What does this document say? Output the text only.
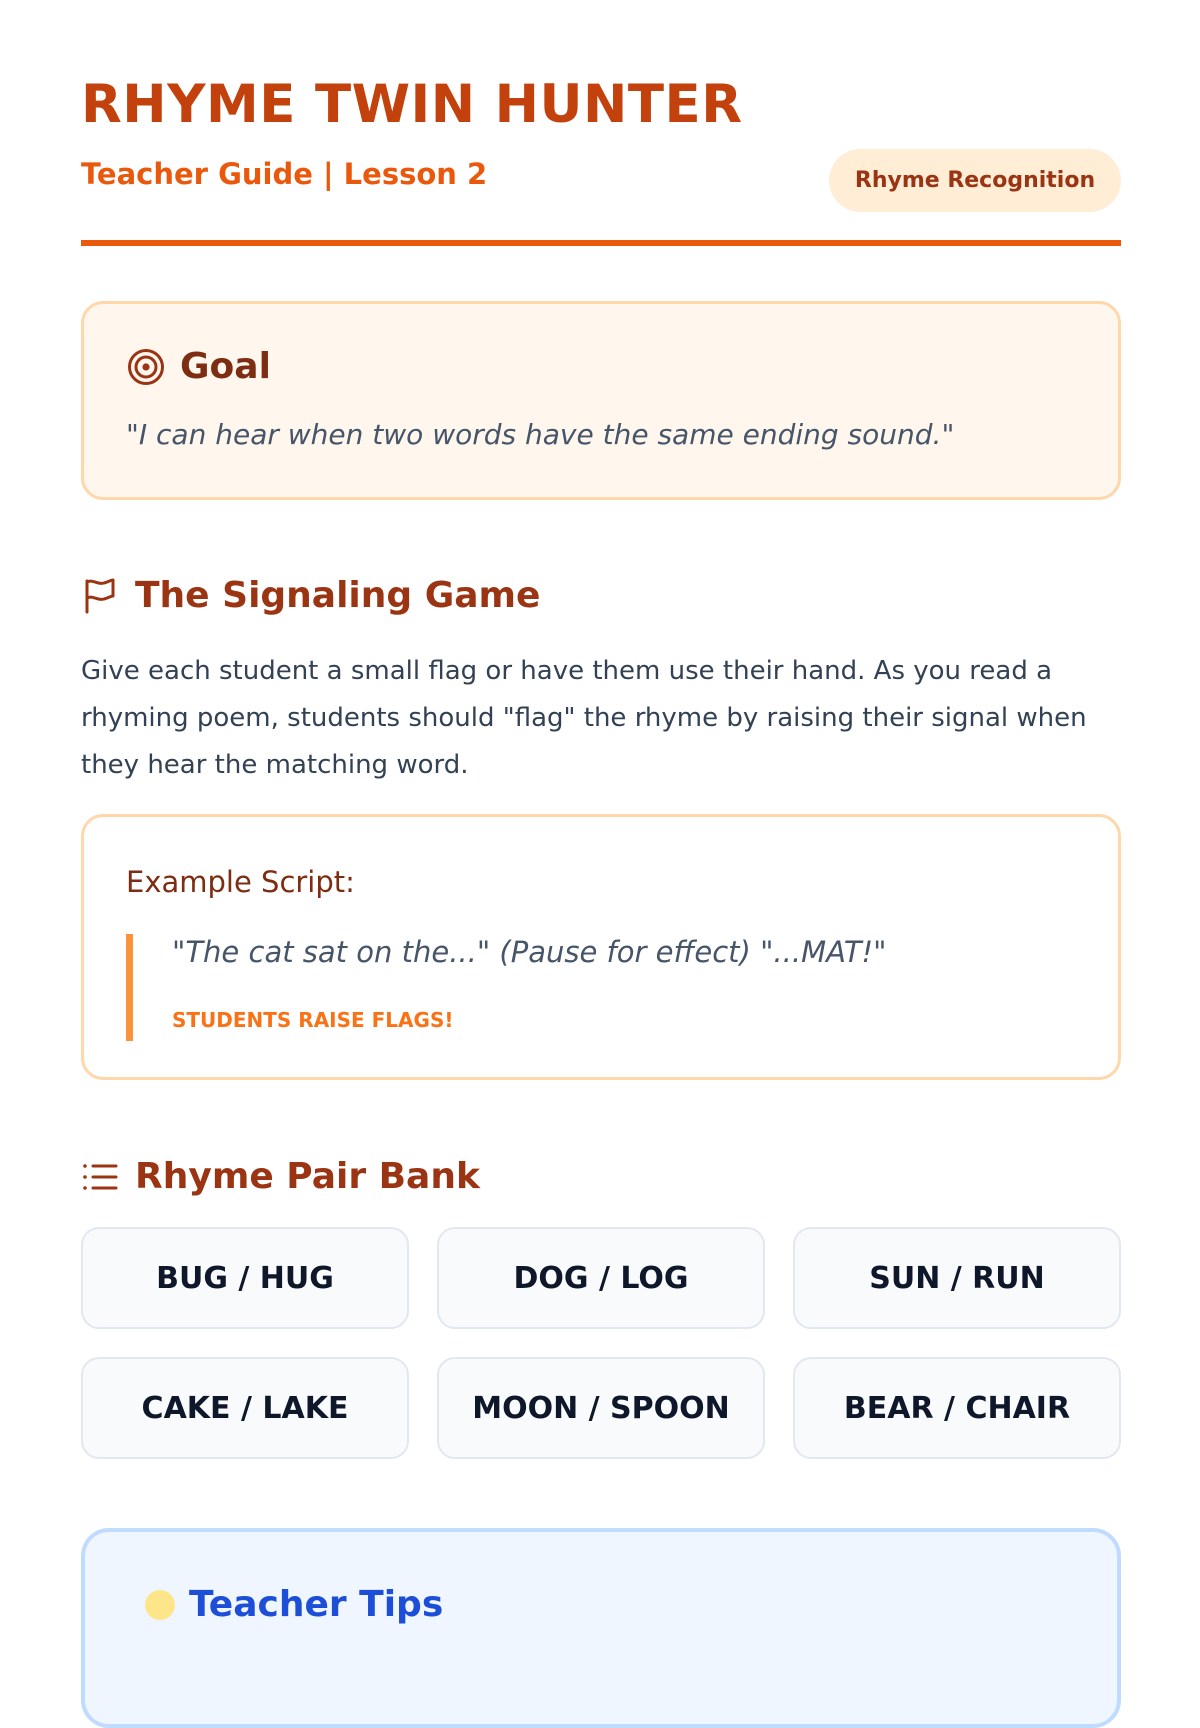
RHYME TWIN HUNTER
Teacher Guide | Lesson 2	Rhyme Recognition
Goal
"I can hear when two words have the same ending sound."
The Signaling Game

Give each student a small flag or have them use their hand. As you read a rhyming poem, students should "flag" the rhyme by raising their signal when they hear the matching word.

Example Script:
"The cat sat on the..." (Pause for effect) "...MAT!"
STUDENTS RAISE FLAGS!
Rhyme Pair Bank
BUG / HUG	DOG / LOG	SUN / RUN
CAKE / LAKE	MOON / SPOON	BEAR / CHAIR
Teacher Tips
